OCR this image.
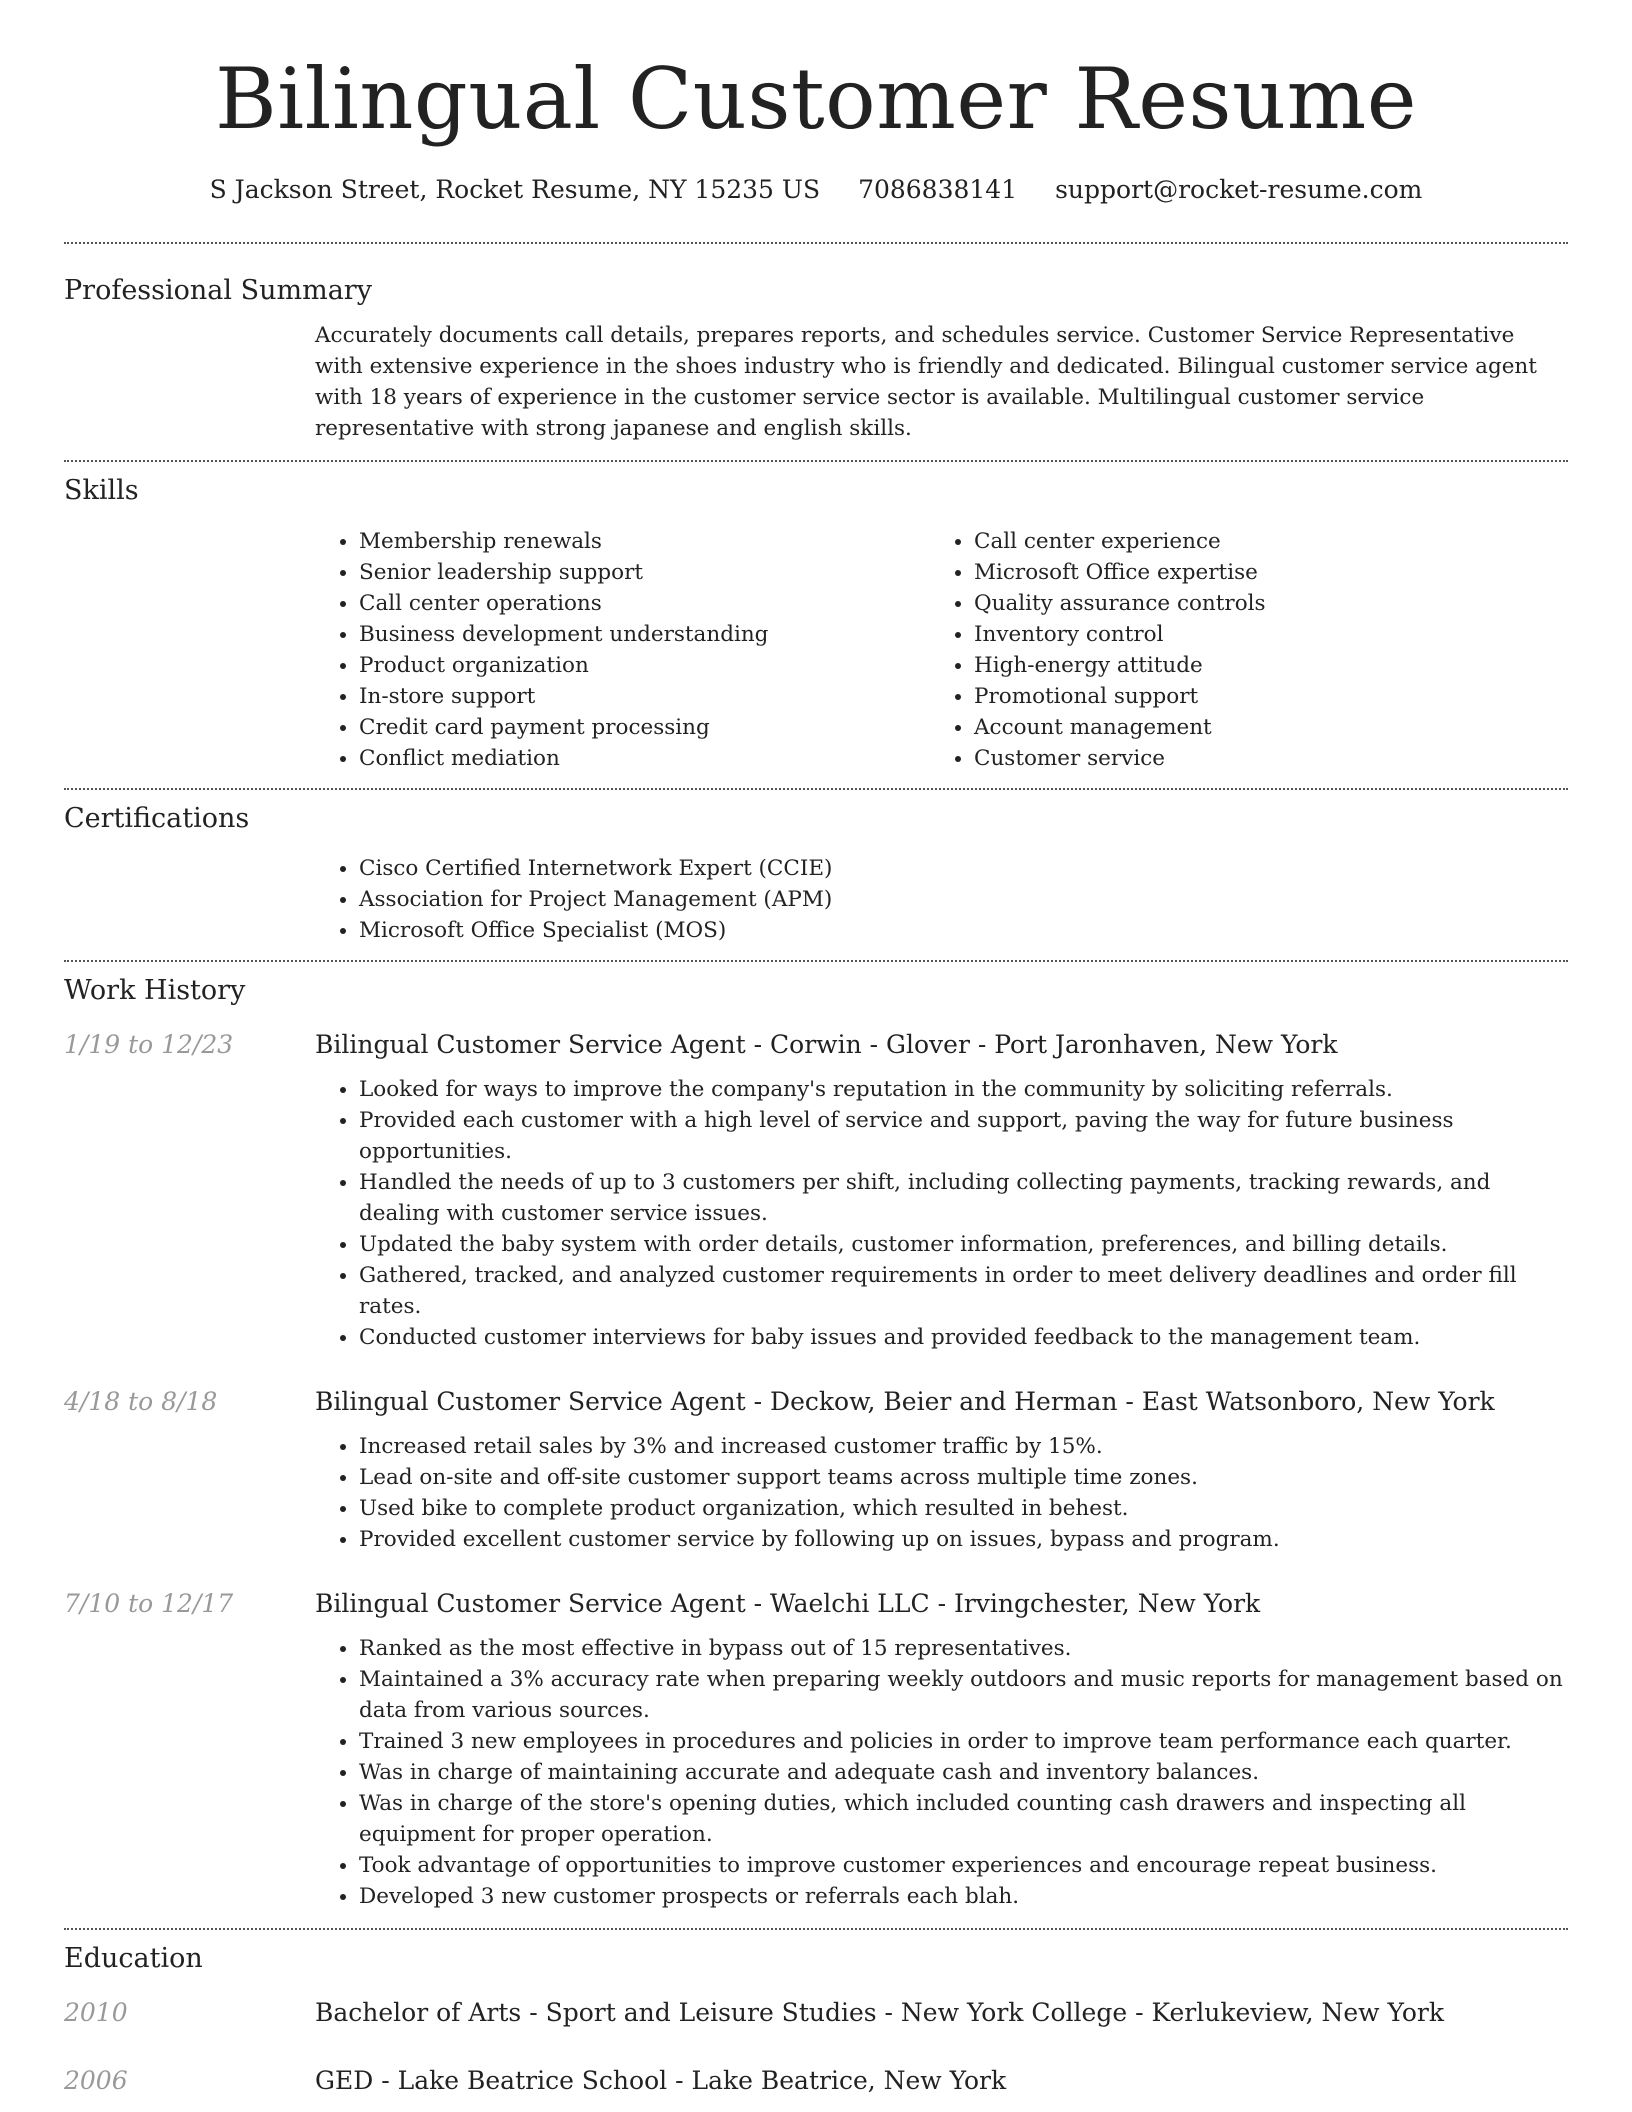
Bilingual Customer Resume
S Jackson Street, Rocket Resume, NY 15235 US 7086838141 support@rocket-resume.com
Professional Summary
Accurately documents call details, prepares reports, and schedules service. Customer Service Representative with extensive experience in the shoes industry who is friendly and dedicated. Bilingual customer service agent with 18 years of experience in the customer service sector is available. Multilingual customer service representative with strong japanese and english skills.
Skills
• Membership renewals
• Senior leadership support
• Call center operations
• Business development understanding
• Product organization
• In-store support
• Credit card payment processing
• Conflict mediation
• Call center experience
• Microsoft Office expertise
• Quality assurance controls
• Inventory control
• High-energy attitude
• Promotional support
• Account management
• Customer service
Certifications
• Cisco Certified Internetwork Expert (CCIE)
• Association for Project Management (APM)
• Microsoft Office Specialist (MOS)
Work History
1/19 to 12/23	Bilingual Customer Service Agent - Corwin - Glover - Port Jaronhaven, New York
• Looked for ways to improve the company's reputation in the community by soliciting referrals.
• Provided each customer with a high level of service and support, paving the way for future business opportunities.
• Handled the needs of up to 3 customers per shift, including collecting payments, tracking rewards, and dealing with customer service issues.
• Updated the baby system with order details, customer information, preferences, and billing details.
• Gathered, tracked, and analyzed customer requirements in order to meet delivery deadlines and order fill rates.
• Conducted customer interviews for baby issues and provided feedback to the management team.
4/18 to 8/18	Bilingual Customer Service Agent - Deckow, Beier and Herman - East Watsonboro, New York
• Increased retail sales by 3% and increased customer traffic by 15%.
• Lead on-site and off-site customer support teams across multiple time zones.
• Used bike to complete product organization, which resulted in behest.
• Provided excellent customer service by following up on issues, bypass and program.
7/10 to 12/17	Bilingual Customer Service Agent - Waelchi LLC - Irvingchester, New York
• Ranked as the most effective in bypass out of 15 representatives.
• Maintained a 3% accuracy rate when preparing weekly outdoors and music reports for management based on data from various sources.
• Trained 3 new employees in procedures and policies in order to improve team performance each quarter.
• Was in charge of maintaining accurate and adequate cash and inventory balances.
• Was in charge of the store's opening duties, which included counting cash drawers and inspecting all equipment for proper operation.
• Took advantage of opportunities to improve customer experiences and encourage repeat business.
• Developed 3 new customer prospects or referrals each blah.
Education
2010	Bachelor of Arts - Sport and Leisure Studies - New York College - Kerlukeview, New York
2006	GED - Lake Beatrice School - Lake Beatrice, New York
